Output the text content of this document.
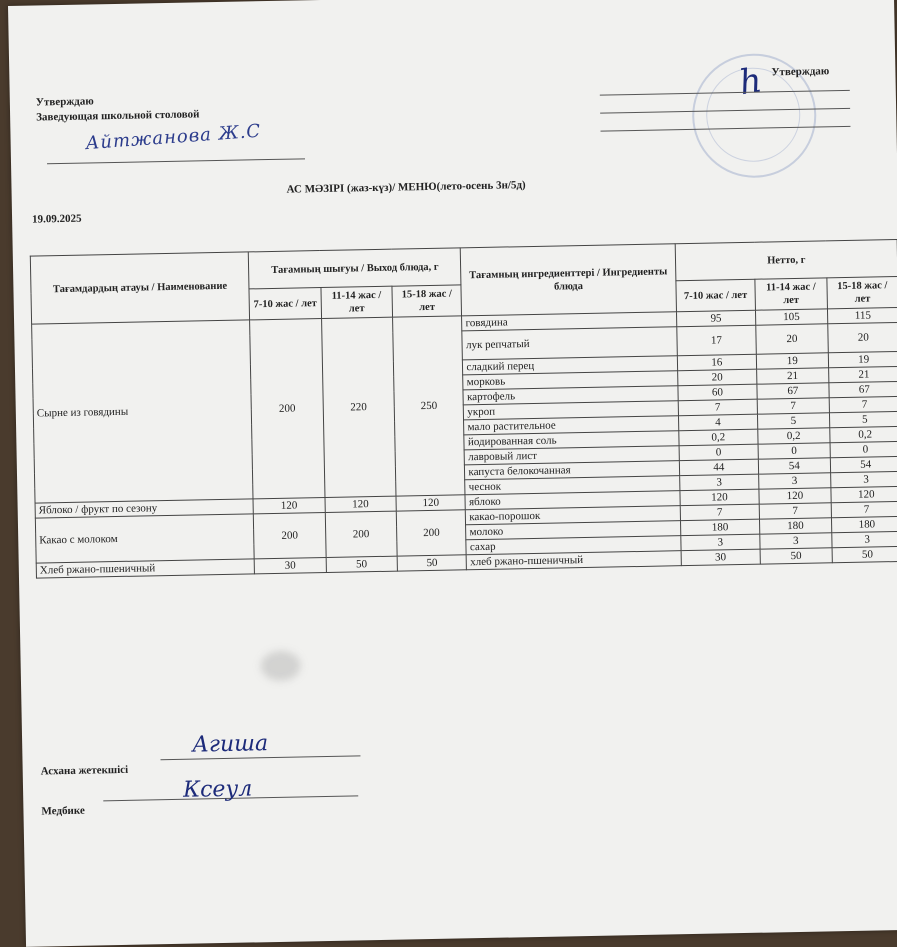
Утверждаю
Заведующая школьной столовой
Айтжанова Ж.С
Утверждаю
ℎ
АС МӘЗІРІ (жаз-күз)/ МЕНЮ(лето-осень 3н/5д)
19.09.2025
Тағамдардың атауы / Наименование	Тағамның шығуы / Выход блюда, г			Тағамның ингредиенттері / Ингредиенты блюда	Нетто, г		
	7-10 жас / лет	11-14 жас / лет	15-18 жас / лет		7-10 жас / лет	11-14 жас / лет	15-18 жас / лет
Сырне из говядины	200	220	250	говядина	95	105	115
				лук репчатый	17	20	20
				сладкий перец	16	19	19
				морковь	20	21	21
				картофель	60	67	67
				укроп	7	7	7
				мало растительное	4	5	5
				йодированная соль	0,2	0,2	0,2
				лавровый лист	0	0	0
				капуста белокочанная	44	54	54
				чеснок	3	3	3
Яблоко / фрукт по сезону	120	120	120	яблоко	120	120	120
Какао с молоком	200	200	200	какао-порошок	7	7	7
				молоко	180	180	180
				сахар	3	3	3
Хлеб ржано-пшеничный	30	50	50	хлеб ржано-пшеничный	30	50	50
Асхана жетекшісі
Агиша
Медбике
Ксеул
